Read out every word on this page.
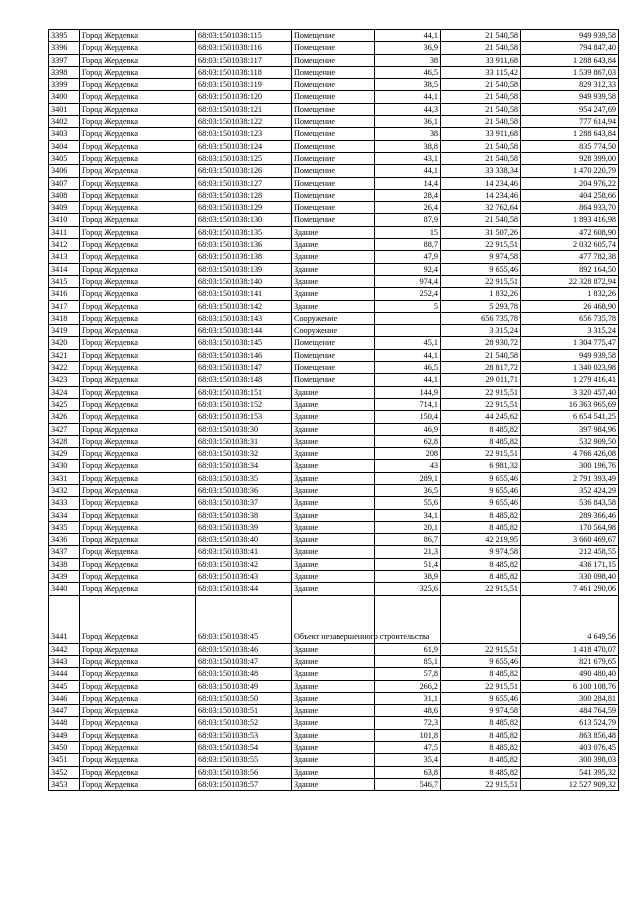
3395	Город Жердевка	68:03:1501038:115	Помещение	44,1	21 540,58	949 939,58
3396	Город Жердевка	68:03:1501038:116	Помещение	36,9	21 540,58	794 847,40
3397	Город Жердевка	68:03:1501038:117	Помещение	38	33 911,68	1 288 643,84
3398	Город Жердевка	68:03:1501038:118	Помещение	46,5	33 115,42	1 539 867,03
3399	Город Жердевка	68:03:1501038:119	Помещение	38,5	21 540,58	829 312,33
3400	Город Жердевка	68:03:1501038:120	Помещение	44,1	21 540,58	949 939,58
3401	Город Жердевка	68:03:1501038:121	Помещение	44,3	21 540,58	954 247,69
3402	Город Жердевка	68:03:1501038:122	Помещение	36,1	21 540,58	777 614,94
3403	Город Жердевка	68:03:1501038:123	Помещение	38	33 911,68	1 288 643,84
3404	Город Жердевка	68:03:1501038:124	Помещение	38,8	21 540,58	835 774,50
3405	Город Жердевка	68:03:1501038:125	Помещение	43,1	21 540,58	928 399,00
3406	Город Жердевка	68:03:1501038:126	Помещение	44,1	33 338,34	1 470 220,79
3407	Город Жердевка	68:03:1501038:127	Помещение	14,4	14 234,46	204 976,22
3408	Город Жердевка	68:03:1501038:128	Помещение	28,4	14 234,46	404 258,66
3409	Город Жердевка	68:03:1501038:129	Помещение	26,4	32 762,64	864 933,70
3410	Город Жердевка	68:03:1501038:130	Помещение	87,9	21 540,58	1 893 416,98
3411	Город Жердевка	68:03:1501038:135	Здание	15	31 507,26	472 608,90
3412	Город Жердевка	68:03:1501038:136	Здание	88,7	22 915,51	2 032 605,74
3413	Город Жердевка	68:03:1501038:138	Здание	47,9	9 974,58	477 782,38
3414	Город Жердевка	68:03:1501038:139	Здание	92,4	9 655,46	892 164,50
3415	Город Жердевка	68:03:1501038:140	Здание	974,4	22 915,51	22 328 872,94
3416	Город Жердевка	68:03:1501038:141	Здание	252,4	1 832,26	1 832,26
3417	Город Жердевка	68:03:1501038:142	Здание	5	5 293,78	26 468,90
3418	Город Жердевка	68:03:1501038:143	Сооружение		656 735,78	656 735,78
3419	Город Жердевка	68:03:1501038:144	Сооружение		3 315,24	3 315,24
3420	Город Жердевка	68:03:1501038:145	Помещение	45,1	28 930,72	1 304 775,47
3421	Город Жердевка	68:03:1501038:146	Помещение	44,1	21 540,58	949 939,58
3422	Город Жердевка	68:03:1501038:147	Помещение	46,5	28 817,72	1 340 023,98
3423	Город Жердевка	68:03:1501038:148	Помещение	44,1	29 011,71	1 279 416,41
3424	Город Жердевка	68:03:1501038:151	Здание	144,9	22 915,51	3 320 457,40
3425	Город Жердевка	68:03:1501038:152	Здание	714,1	22 915,51	16 363 965,69
3426	Город Жердевка	68:03:1501038:153	Здание	150,4	44 245,62	6 654 541,25
3427	Город Жердевка	68:03:1501038:30	Здание	46,9	8 485,82	397 984,96
3428	Город Жердевка	68:03:1501038:31	Здание	62,8	8 485,82	532 909,50
3429	Город Жердевка	68:03:1501038:32	Здание	208	22 915,51	4 766 426,08
3430	Город Жердевка	68:03:1501038:34	Здание	43	6 981,32	300 196,76
3431	Город Жердевка	68:03:1501038:35	Здание	289,1	9 655,46	2 791 393,49
3432	Город Жердевка	68:03:1501038:36	Здание	36,5	9 655,46	352 424,29
3433	Город Жердевка	68:03:1501038:37	Здание	55,6	9 655,46	536 843,58
3434	Город Жердевка	68:03:1501038:38	Здание	34,1	8 485,82	289 366,46
3435	Город Жердевка	68:03:1501038:39	Здание	20,1	8 485,82	170 564,98
3436	Город Жердевка	68:03:1501038:40	Здание	86,7	42 219,95	3 660 469,67
3437	Город Жердевка	68:03:1501038:41	Здание	21,3	9 974,58	212 458,55
3438	Город Жердевка	68:03:1501038:42	Здание	51,4	8 485,82	436 171,15
3439	Город Жердевка	68:03:1501038:43	Здание	38,9	8 485,82	330 098,40
3440	Город Жердевка	68:03:1501038:44	Здание	325,6	22 915,51	7 461 290,06
3441	Город Жердевка	68:03:1501038:45	Объект незавершенного строительства			4 649,56
3442	Город Жердевка	68:03:1501038:46	Здание	61,9	22 915,51	1 418 470,07
3443	Город Жердевка	68:03:1501038:47	Здание	85,1	9 655,46	821 679,65
3444	Город Жердевка	68:03:1501038:48	Здание	57,8	8 485,82	490 480,40
3445	Город Жердевка	68:03:1501038:49	Здание	266,2	22 915,51	6 100 108,76
3446	Город Жердевка	68:03:1501038:50	Здание	31,1	9 655,46	300 284,81
3447	Город Жердевка	68:03:1501038:51	Здание	48,6	9 974,58	484 764,59
3448	Город Жердевка	68:03:1501038:52	Здание	72,3	8 485,82	613 524,79
3449	Город Жердевка	68:03:1501038:53	Здание	101,8	8 485,82	863 856,48
3450	Город Жердевка	68:03:1501038:54	Здание	47,5	8 485,82	403 076,45
3451	Город Жердевка	68:03:1501038:55	Здание	35,4	8 485,82	300 398,03
3452	Город Жердевка	68:03:1501038:56	Здание	63,8	8 485,82	541 395,32
3453	Город Жердевка	68:03:1501038:57	Здание	546,7	22 915,51	12 527 909,32
